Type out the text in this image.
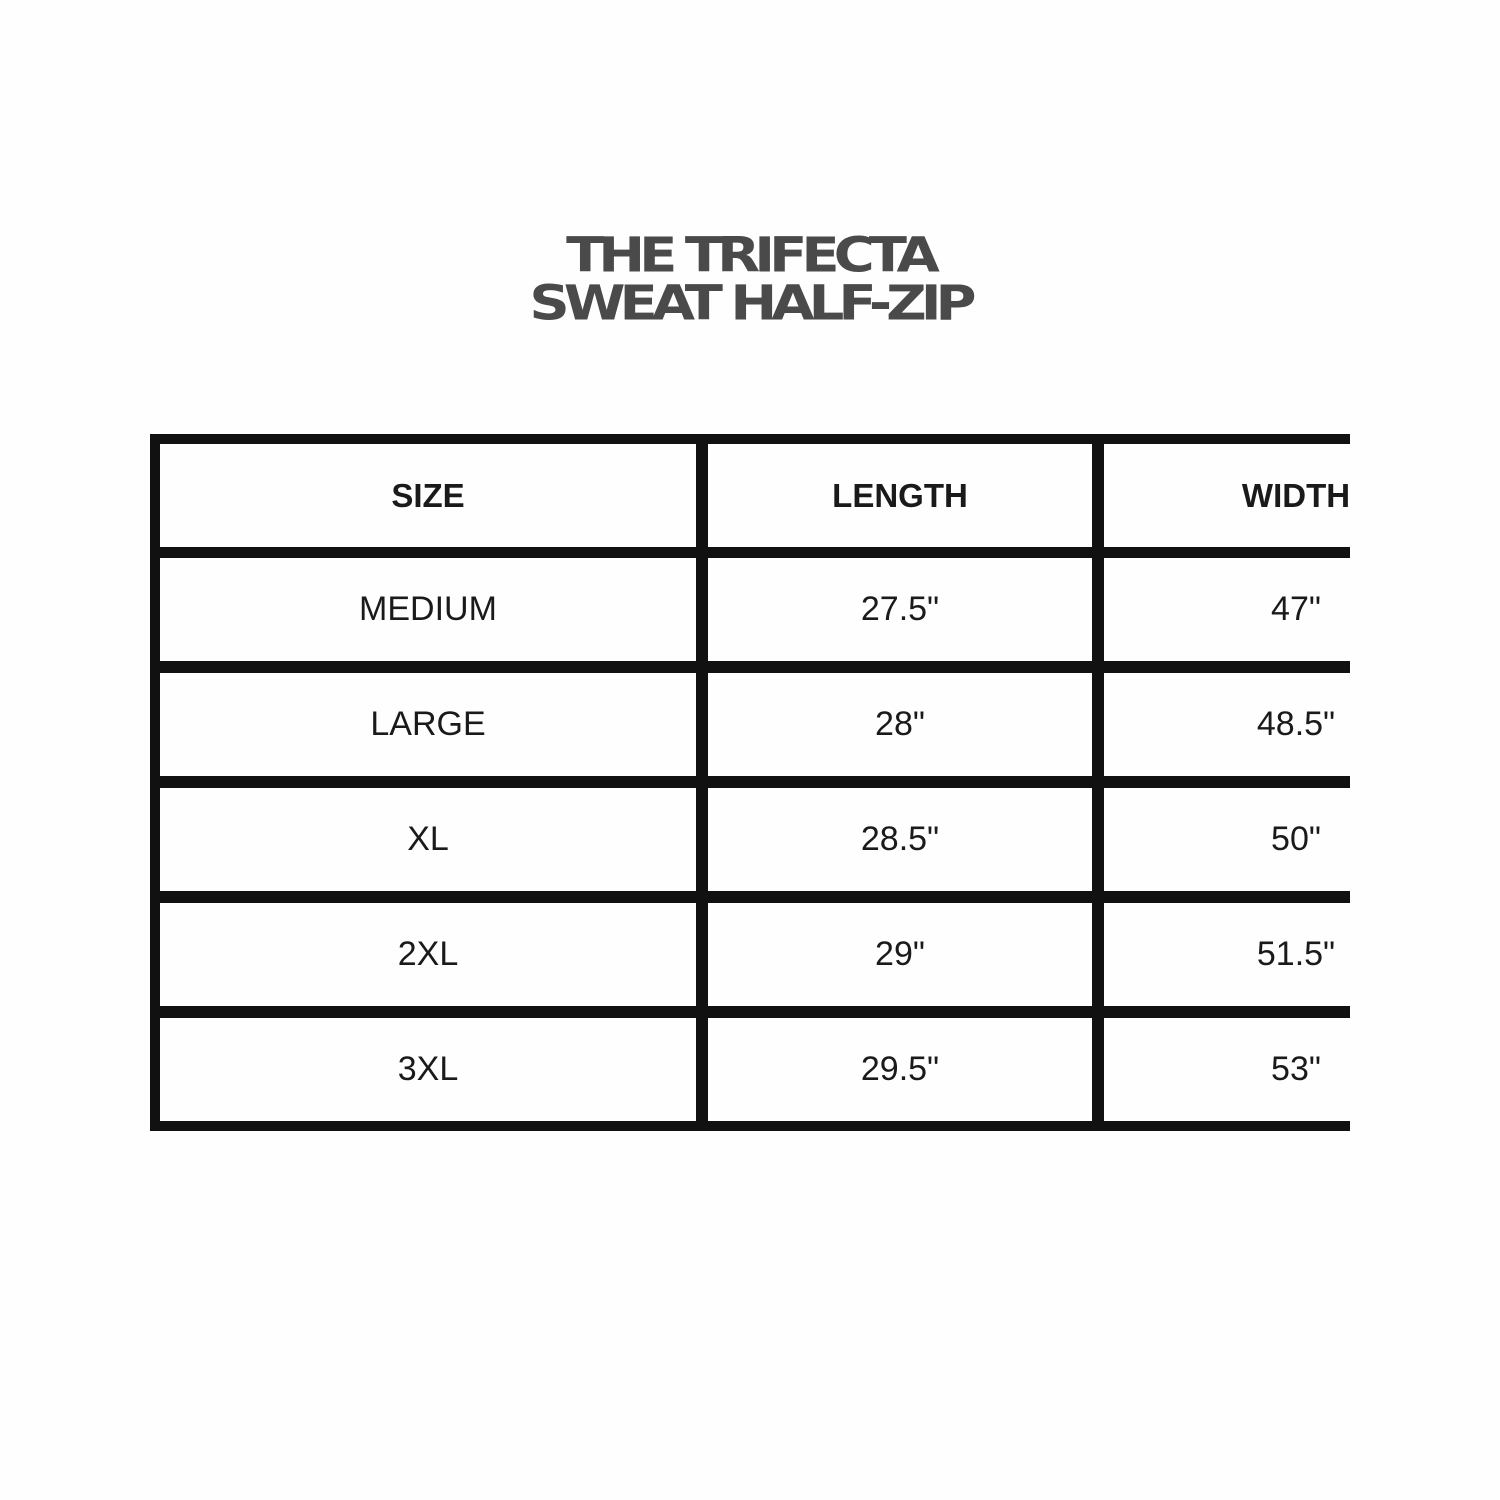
THE TRIFECTA
SWEAT HALF-ZIP
SIZE	LENGTH	WIDTH
MEDIUM	27.5"	47"
LARGE	28"	48.5"
XL	28.5"	50"
2XL	29"	51.5"
3XL	29.5"	53"
